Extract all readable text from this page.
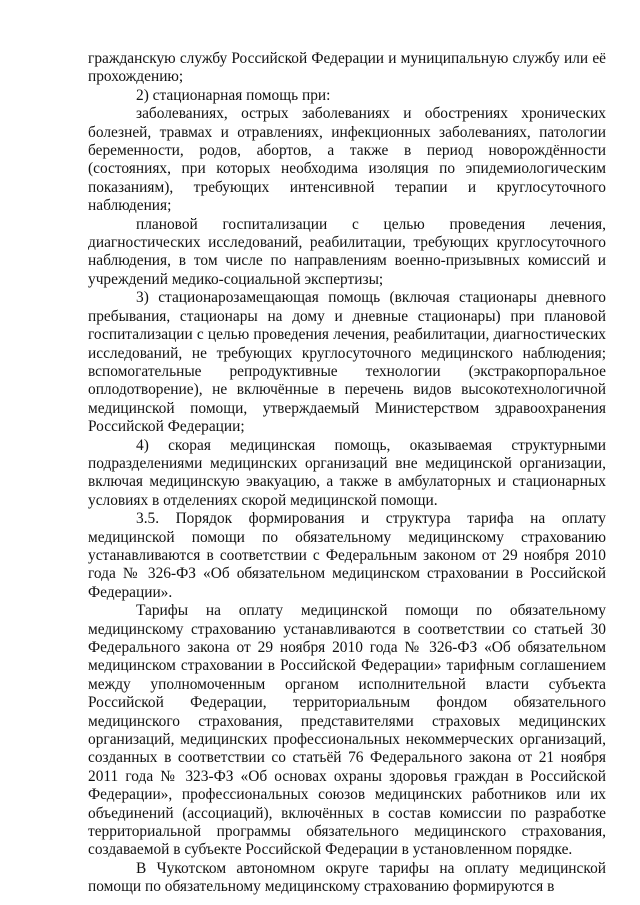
гражданскую службу Российской Федерации и муниципальную службу или её прохождению;

2) стационарная помощь при:

заболеваниях, острых заболеваниях и обострениях хронических болезней, травмах и отравлениях, инфекционных заболеваниях, патологии беременности, родов, абортов, а также в период новорождённости (состояниях, при которых необходима изоляция по эпидемиологическим показаниям), требующих интенсивной терапии и круглосуточного наблюдения;

плановой госпитализации с целью проведения лечения, диагностических исследований, реабилитации, требующих круглосуточного наблюдения, в том числе по направлениям военно-призывных комиссий и учреждений медико-социальной экспертизы;

3) стационарозамещающая помощь (включая стационары дневного пребывания, стационары на дому и дневные стационары) при плановой госпитализации с целью проведения лечения, реабилитации, диагностических исследований, не требующих круглосуточного медицинского наблюдения; вспомогательные репродуктивные технологии (экстракорпоральное оплодотворение), не включённые в перечень видов высокотехнологичной медицинской помощи, утверждаемый Министерством здравоохранения Российской Федерации;

4) скорая медицинская помощь, оказываемая структурными подразделениями медицинских организаций вне медицинской организации, включая медицинскую эвакуацию, а также в амбулаторных и стационарных условиях в отделениях скорой медицинской помощи.

3.5. Порядок формирования и структура тарифа на оплату медицинской помощи по обязательному медицинскому страхованию устанавливаются в соответствии с Федеральным законом от 29 ноября 2010 года № 326-ФЗ «Об обязательном медицинском страховании в Российской Федерации».

Тарифы на оплату медицинской помощи по обязательному медицинскому страхованию устанавливаются в соответствии со статьей 30 Федерального закона от 29 ноября 2010 года № 326-ФЗ «Об обязательном медицинском страховании в Российской Федерации» тарифным соглашением между уполномоченным органом исполнительной власти субъекта Российской Федерации, территориальным фондом обязательного медицинского страхования, представителями страховых медицинских организаций, медицинских профессиональных некоммерческих организаций, созданных в соответствии со статьёй 76 Федерального закона от 21 ноября 2011 года № 323-ФЗ «Об основах охраны здоровья граждан в Российской Федерации», профессиональных союзов медицинских работников или их объединений (ассоциаций), включённых в состав комиссии по разработке территориальной программы обязательного медицинского страхования, создаваемой в субъекте Российской Федерации в установленном порядке.

В Чукотском автономном округе тарифы на оплату медицинской помощи по обязательному медицинскому страхованию формируются в
